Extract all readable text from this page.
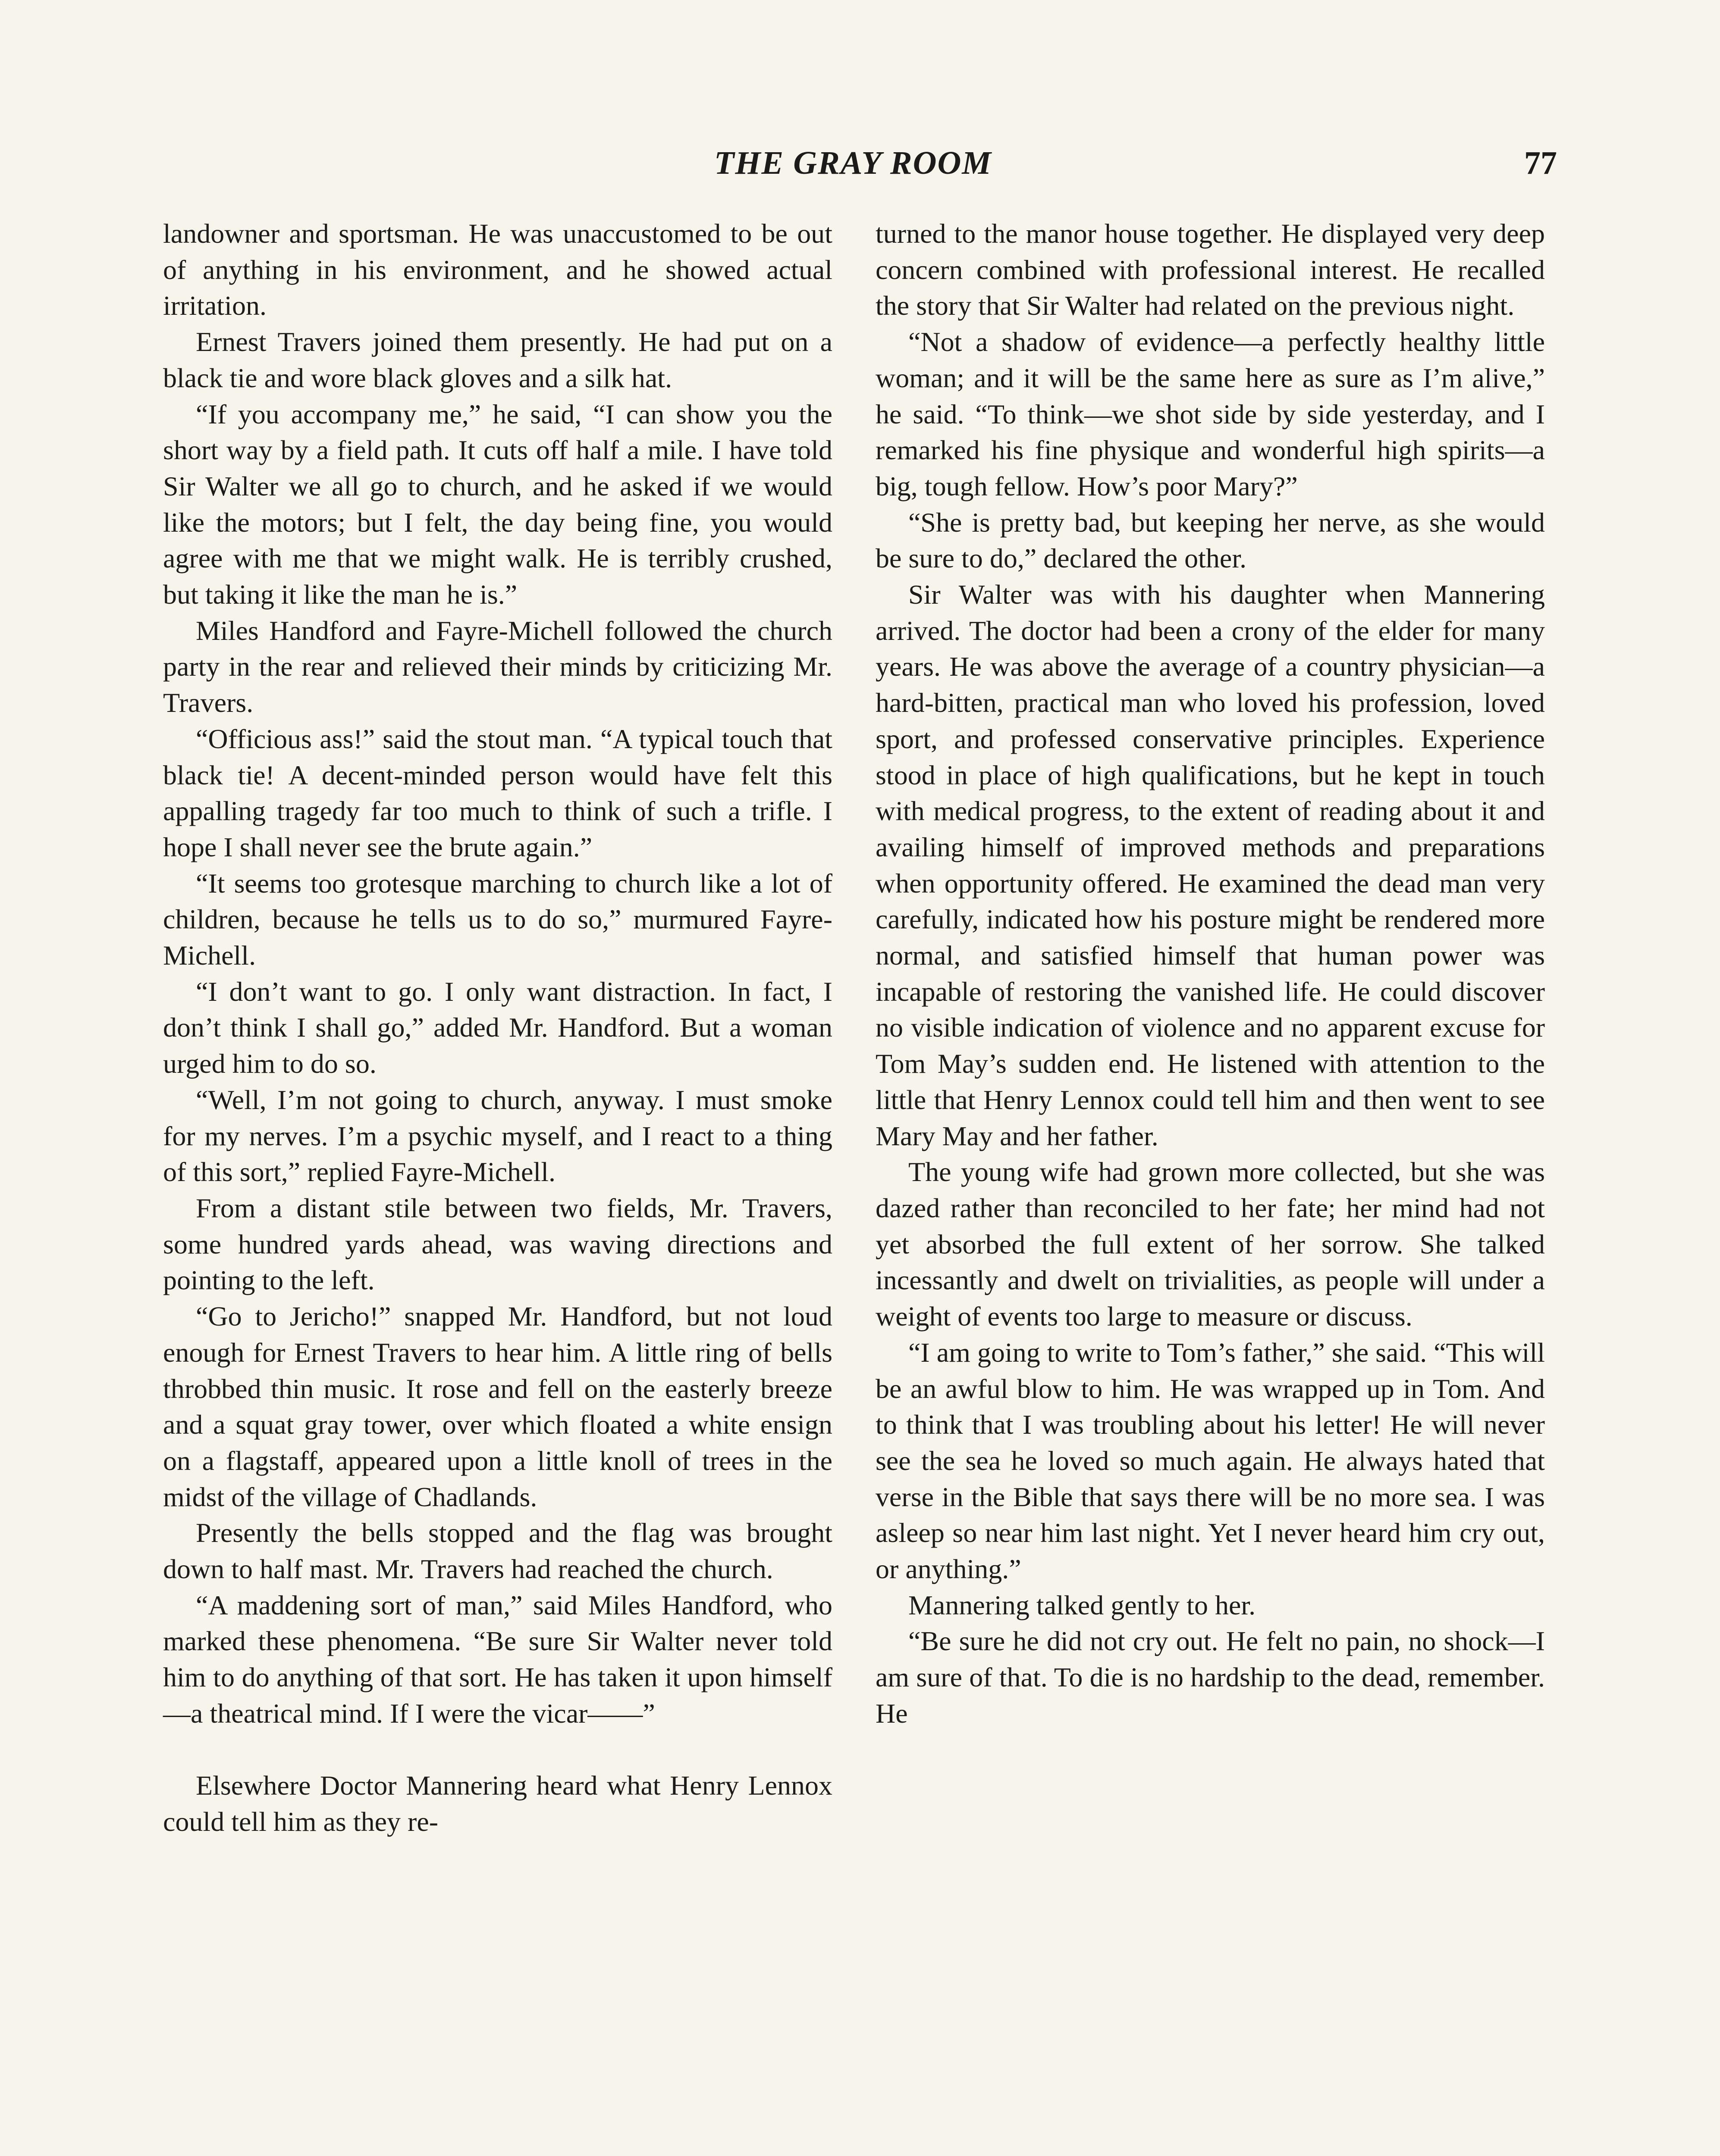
THE GRAY ROOM	77

landowner and sportsman. He was unaccustomed to be out of anything in his environment, and he showed actual irritation.

Ernest Travers joined them presently. He had put on a black tie and wore black gloves and a silk hat.

“If you accompany me,” he said, “I can show you the short way by a field path. It cuts off half a mile. I have told Sir Walter we all go to church, and he asked if we would like the motors; but I felt, the day being fine, you would agree with me that we might walk. He is terribly crushed, but taking it like the man he is.”

Miles Handford and Fayre-Michell followed the church party in the rear and relieved their minds by criticizing Mr. Travers.

“Officious ass!” said the stout man. “A typical touch that black tie! A decent-minded person would have felt this appalling tragedy far too much to think of such a trifle. I hope I shall never see the brute again.”

“It seems too grotesque marching to church like a lot of children, because he tells us to do so,” murmured Fayre-Michell.

“I don’t want to go. I only want distraction. In fact, I don’t think I shall go,” added Mr. Handford. But a woman urged him to do so.

“Well, I’m not going to church, anyway. I must smoke for my nerves. I’m a psychic myself, and I react to a thing of this sort,” replied Fayre-Michell.

From a distant stile between two fields, Mr. Travers, some hundred yards ahead, was waving directions and pointing to the left.

“Go to Jericho!” snapped Mr. Handford, but not loud enough for Ernest Travers to hear him. A little ring of bells throbbed thin music. It rose and fell on the easterly breeze and a squat gray tower, over which floated a white ensign on a flagstaff, appeared upon a little knoll of trees in the midst of the village of Chadlands.

Presently the bells stopped and the flag was brought down to half mast. Mr. Travers had reached the church.

“A maddening sort of man,” said Miles Handford, who marked these phenomena. “Be sure Sir Walter never told him to do anything of that sort. He has taken it upon himself—a theatrical mind. If I were the vicar——”

Elsewhere Doctor Mannering heard what Henry Lennox could tell him as they re-

turned to the manor house together. He displayed very deep concern combined with professional interest. He recalled the story that Sir Walter had related on the previous night.

“Not a shadow of evidence—a perfectly healthy little woman; and it will be the same here as sure as I’m alive,” he said. “To think—we shot side by side yesterday, and I remarked his fine physique and wonderful high spirits—a big, tough fellow. How’s poor Mary?”

“She is pretty bad, but keeping her nerve, as she would be sure to do,” declared the other.

Sir Walter was with his daughter when Mannering arrived. The doctor had been a crony of the elder for many years. He was above the average of a country physician—a hard-bitten, practical man who loved his profession, loved sport, and professed conservative principles. Experience stood in place of high qualifications, but he kept in touch with medical progress, to the extent of reading about it and availing himself of improved methods and preparations when opportunity offered. He examined the dead man very carefully, indicated how his posture might be rendered more normal, and satisfied himself that human power was incapable of restoring the vanished life. He could discover no visible indication of violence and no apparent excuse for Tom May’s sudden end. He listened with attention to the little that Henry Lennox could tell him and then went to see Mary May and her father.

The young wife had grown more collected, but she was dazed rather than reconciled to her fate; her mind had not yet absorbed the full extent of her sorrow. She talked incessantly and dwelt on trivialities, as people will under a weight of events too large to measure or discuss.

“I am going to write to Tom’s father,” she said. “This will be an awful blow to him. He was wrapped up in Tom. And to think that I was troubling about his letter! He will never see the sea he loved so much again. He always hated that verse in the Bible that says there will be no more sea. I was asleep so near him last night. Yet I never heard him cry out, or anything.”

Mannering talked gently to her.

“Be sure he did not cry out. He felt no pain, no shock—I am sure of that. To die is no hardship to the dead, remember. He
